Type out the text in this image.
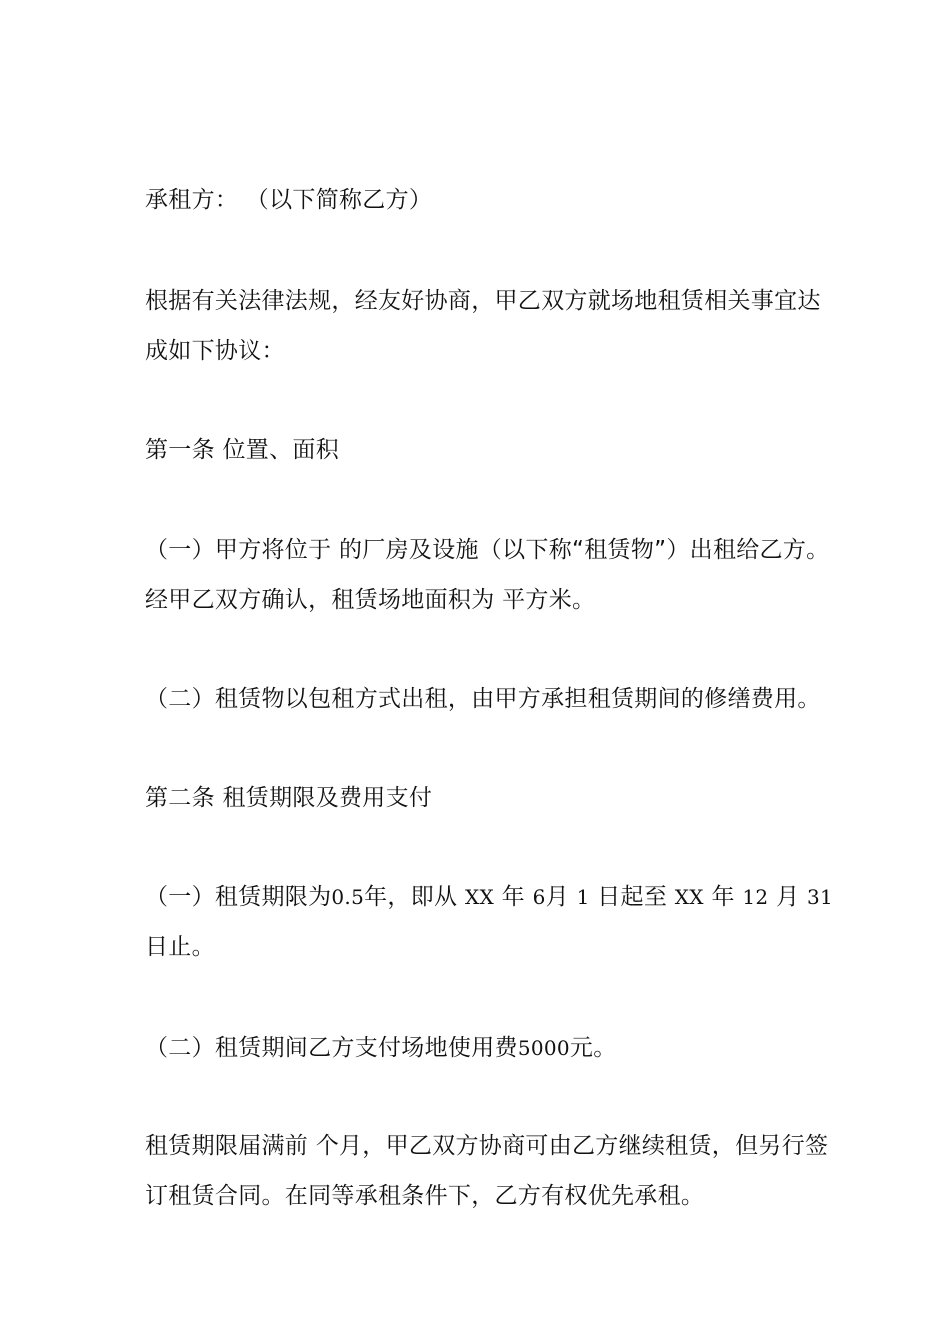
承租方： （以下简称乙方）
根据有关法律法规，经友好协商，甲乙双方就场地租赁相关事宜达
成如下协议：
第一条 位置、面积
（一）甲方将位于 的厂房及设施（以下称“租赁物”）出租给乙方。
经甲乙双方确认，租赁场地面积为 平方米。
（二）租赁物以包租方式出租，由甲方承担租赁期间的修缮费用。
第二条 租赁期限及费用支付
（一）租赁期限为0.5年，即从 XX 年 6月 1 日起至 XX 年 12 月 31
日止。
（二）租赁期间乙方支付场地使用费5000元。
租赁期限届满前 个月，甲乙双方协商可由乙方继续租赁，但另行签
订租赁合同。在同等承租条件下，乙方有权优先承租。
